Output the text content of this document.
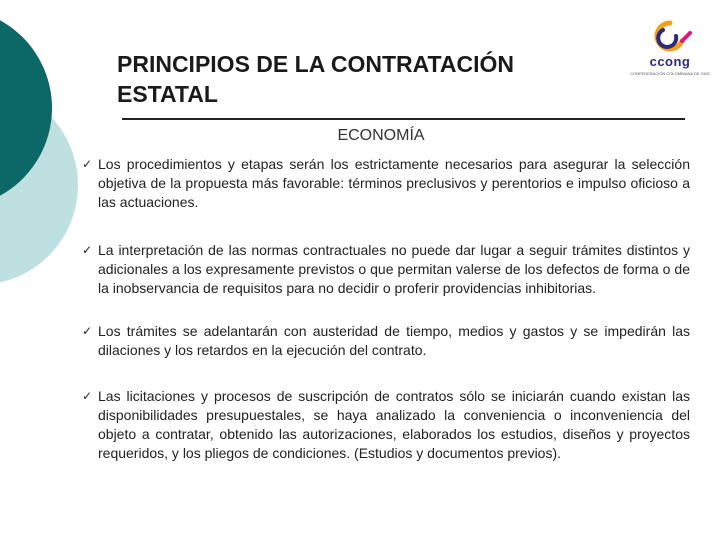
PRINCIPIOS DE LA CONTRATACIÓN ESTATAL
ccong
CONFEDERACIÓN COLOMBIANA DE ONG
ECONOMÍA
✓ Los procedimientos y etapas serán los estrictamente necesarios para asegurar la selección objetiva de la propuesta más favorable: términos preclusivos y perentorios e impulso oficioso a las actuaciones.
✓ La interpretación de las normas contractuales no puede dar lugar a seguir trámites distintos y adicionales a los expresamente previstos o que permitan valerse de los defectos de forma o de la inobservancia de requisitos para no decidir o proferir providencias inhibitorias.
✓ Los trámites se adelantarán con austeridad de tiempo, medios y gastos y se impedirán las dilaciones y los retardos en la ejecución del contrato.
✓ Las licitaciones y procesos de suscripción de contratos sólo se iniciarán cuando existan las disponibilidades presupuestales, se haya analizado la conveniencia o inconveniencia del objeto a contratar, obtenido las autorizaciones, elaborados los estudios, diseños y proyectos requeridos, y los pliegos de condiciones. (Estudios y documentos previos).
